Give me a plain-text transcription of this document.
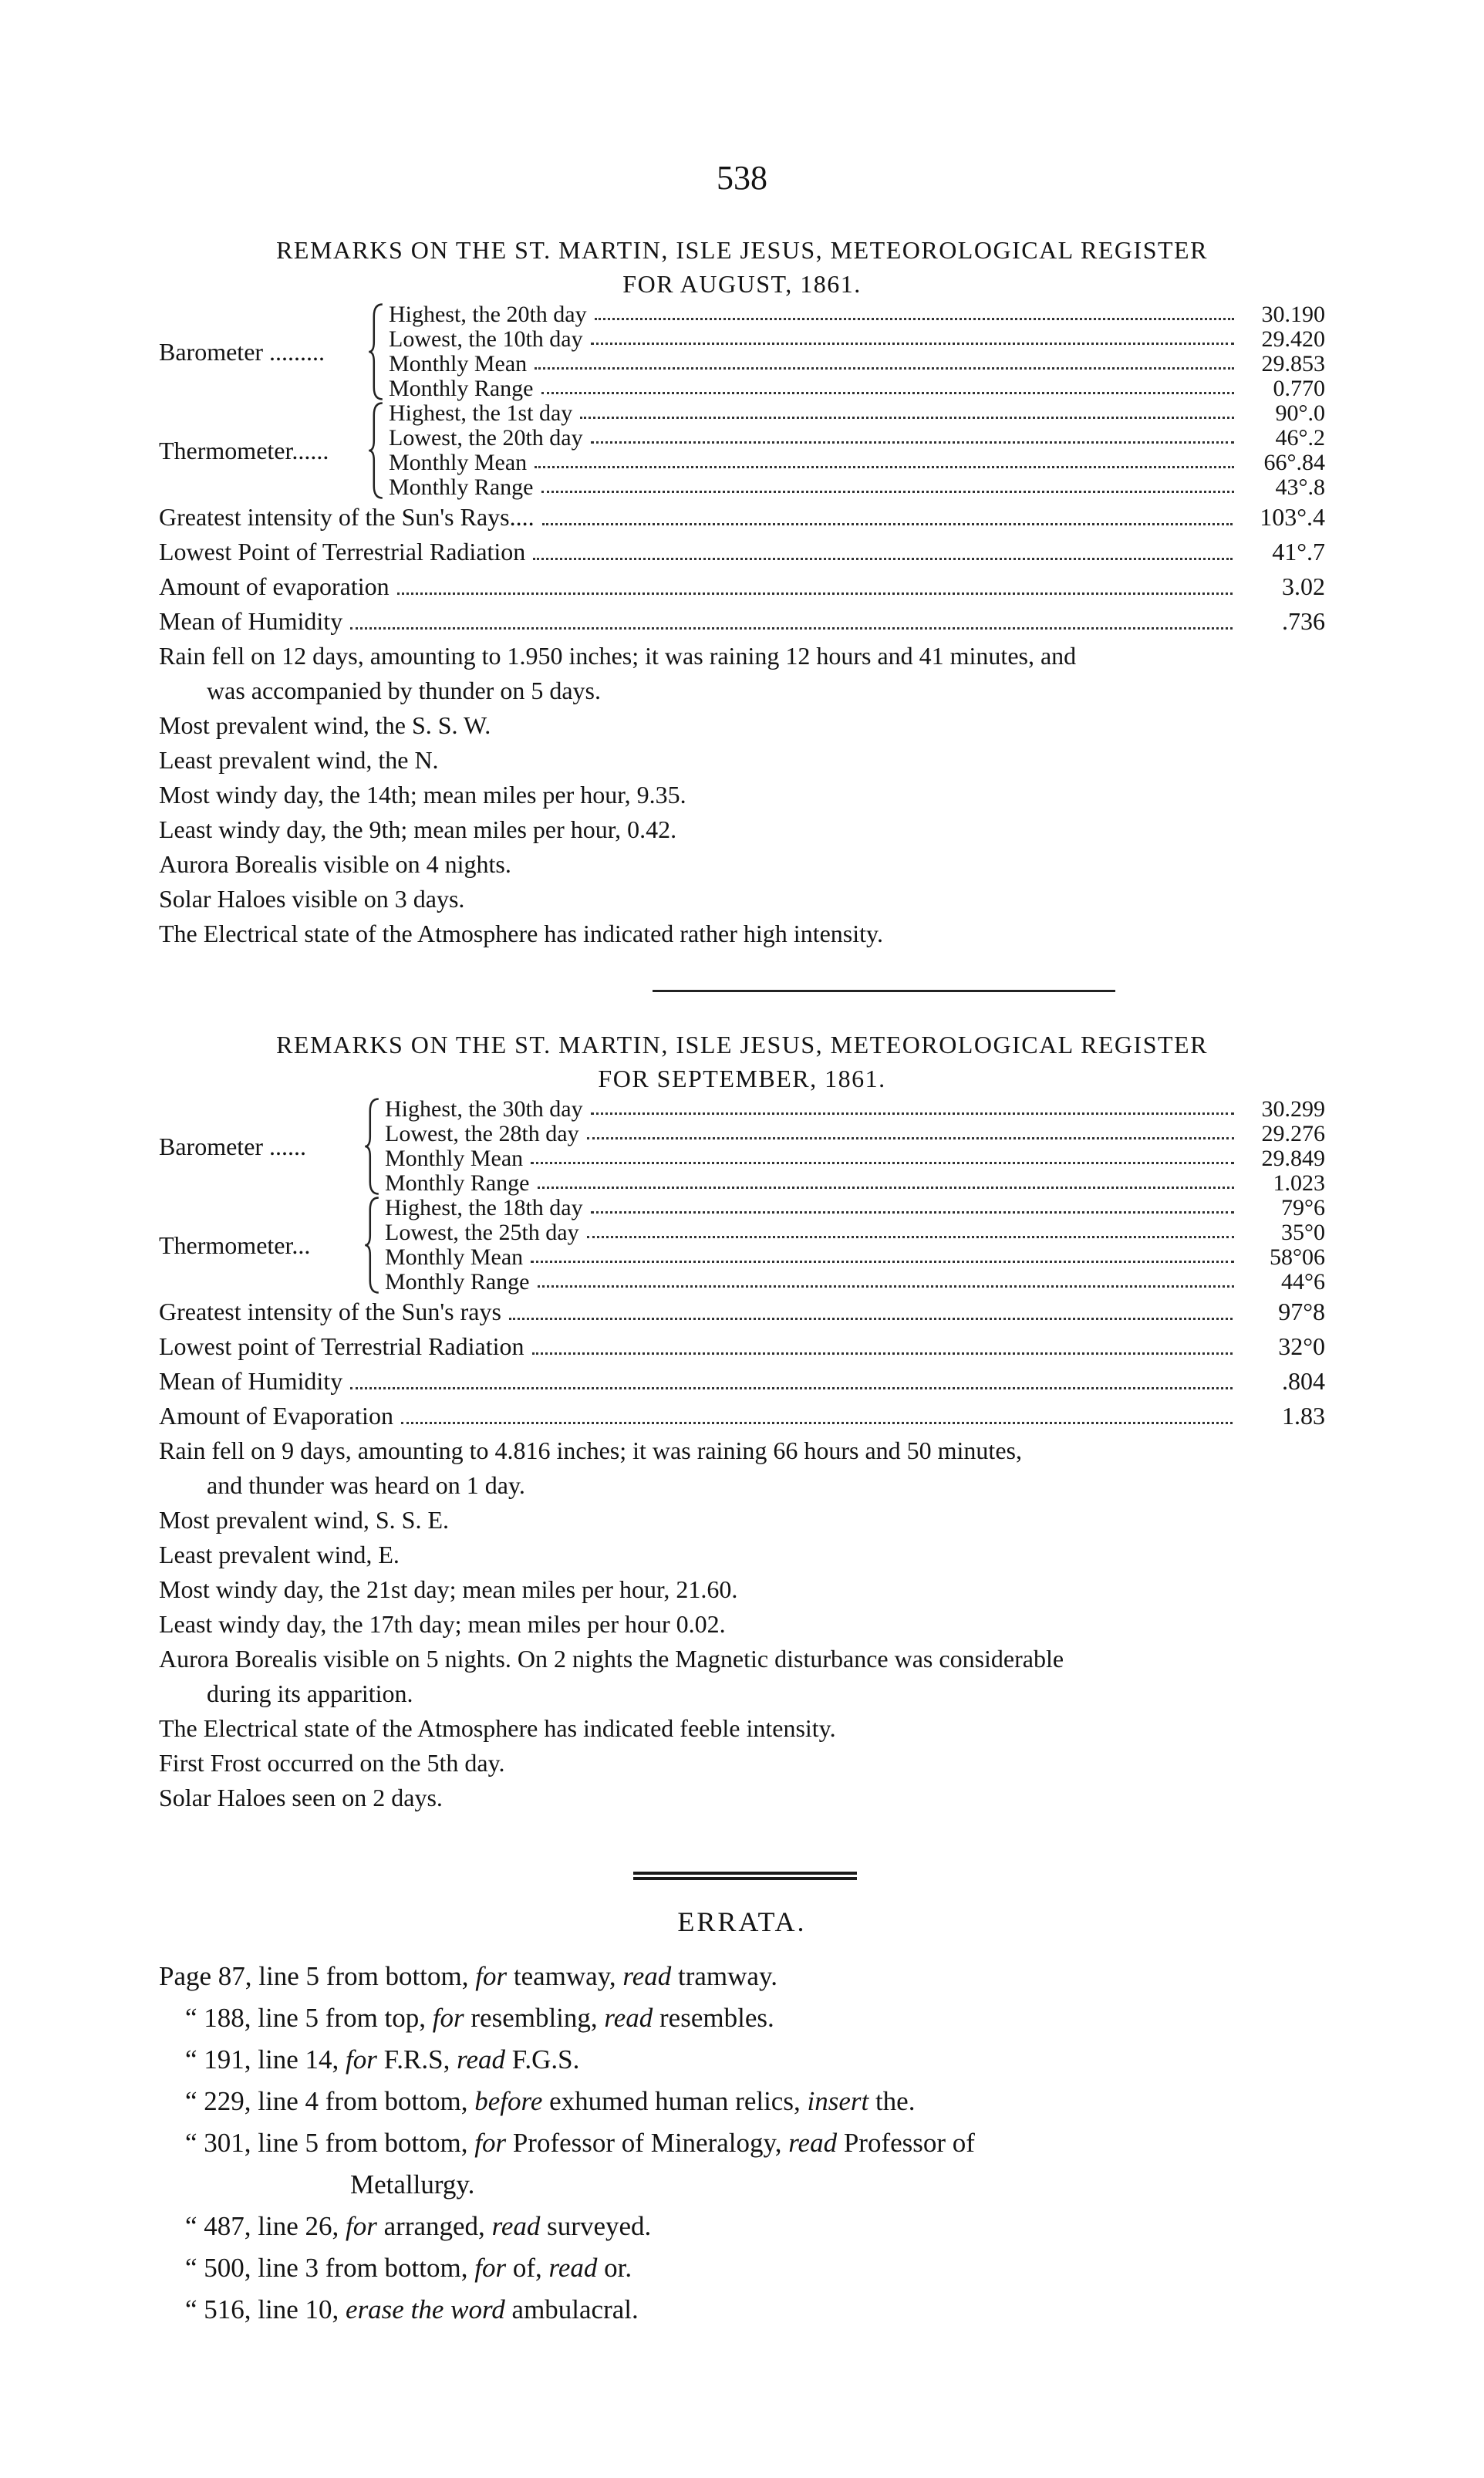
538
REMARKS ON THE ST. MARTIN, ISLE JESUS, METEOROLOGICAL REGISTER
FOR AUGUST, 1861.
Barometer .........
Highest, the 20th day	30.190
Lowest, the 10th day	29.420
Monthly Mean	29.853
Monthly Range	0.770
Thermometer......
Highest, the 1st day	90°.0
Lowest, the 20th day	46°.2
Monthly Mean	66°.84
Monthly Range	43°.8
Greatest intensity of the Sun's Rays....	103°.4
Lowest Point of Terrestrial Radiation	41°.7
Amount of evaporation	3.02
Mean of Humidity	.736
Rain fell on 12 days, amounting to 1.950 inches; it was raining 12 hours and 41 minutes, and
was accompanied by thunder on 5 days.
Most prevalent wind, the S. S. W.
Least prevalent wind, the N.
Most windy day, the 14th; mean miles per hour, 9.35.
Least windy day, the 9th; mean miles per hour, 0.42.
Aurora Borealis visible on 4 nights.
Solar Haloes visible on 3 days.
The Electrical state of the Atmosphere has indicated rather high intensity.
REMARKS ON THE ST. MARTIN, ISLE JESUS, METEOROLOGICAL REGISTER
FOR SEPTEMBER, 1861.
Barometer ......
Highest, the 30th day	30.299
Lowest, the 28th day	29.276
Monthly Mean	29.849
Monthly Range	1.023
Thermometer...
Highest, the 18th day	79°6
Lowest, the 25th day	35°0
Monthly Mean	58°06
Monthly Range	44°6
Greatest intensity of the Sun's rays	97°8
Lowest point of Terrestrial Radiation	32°0
Mean of Humidity	.804
Amount of Evaporation	1.83
Rain fell on 9 days, amounting to 4.816 inches; it was raining 66 hours and 50 minutes,
and thunder was heard on 1 day.
Most prevalent wind, S. S. E.
Least prevalent wind, E.
Most windy day, the 21st day; mean miles per hour, 21.60.
Least windy day, the 17th day; mean miles per hour 0.02.
Aurora Borealis visible on 5 nights. On 2 nights the Magnetic disturbance was considerable
during its apparition.
The Electrical state of the Atmosphere has indicated feeble intensity.
First Frost occurred on the 5th day.
Solar Haloes seen on 2 days.
ERRATA.
Page 87, line 5 from bottom, for teamway, read tramway.
“ 188, line 5 from top, for resembling, read resembles.
“ 191, line 14, for F.R.S, read F.G.S.
“ 229, line 4 from bottom, before exhumed human relics, insert the.
“ 301, line 5 from bottom, for Professor of Mineralogy, read Professor of
Metallurgy.
“ 487, line 26, for arranged, read surveyed.
“ 500, line 3 from bottom, for of, read or.
“ 516, line 10, erase the word ambulacral.
